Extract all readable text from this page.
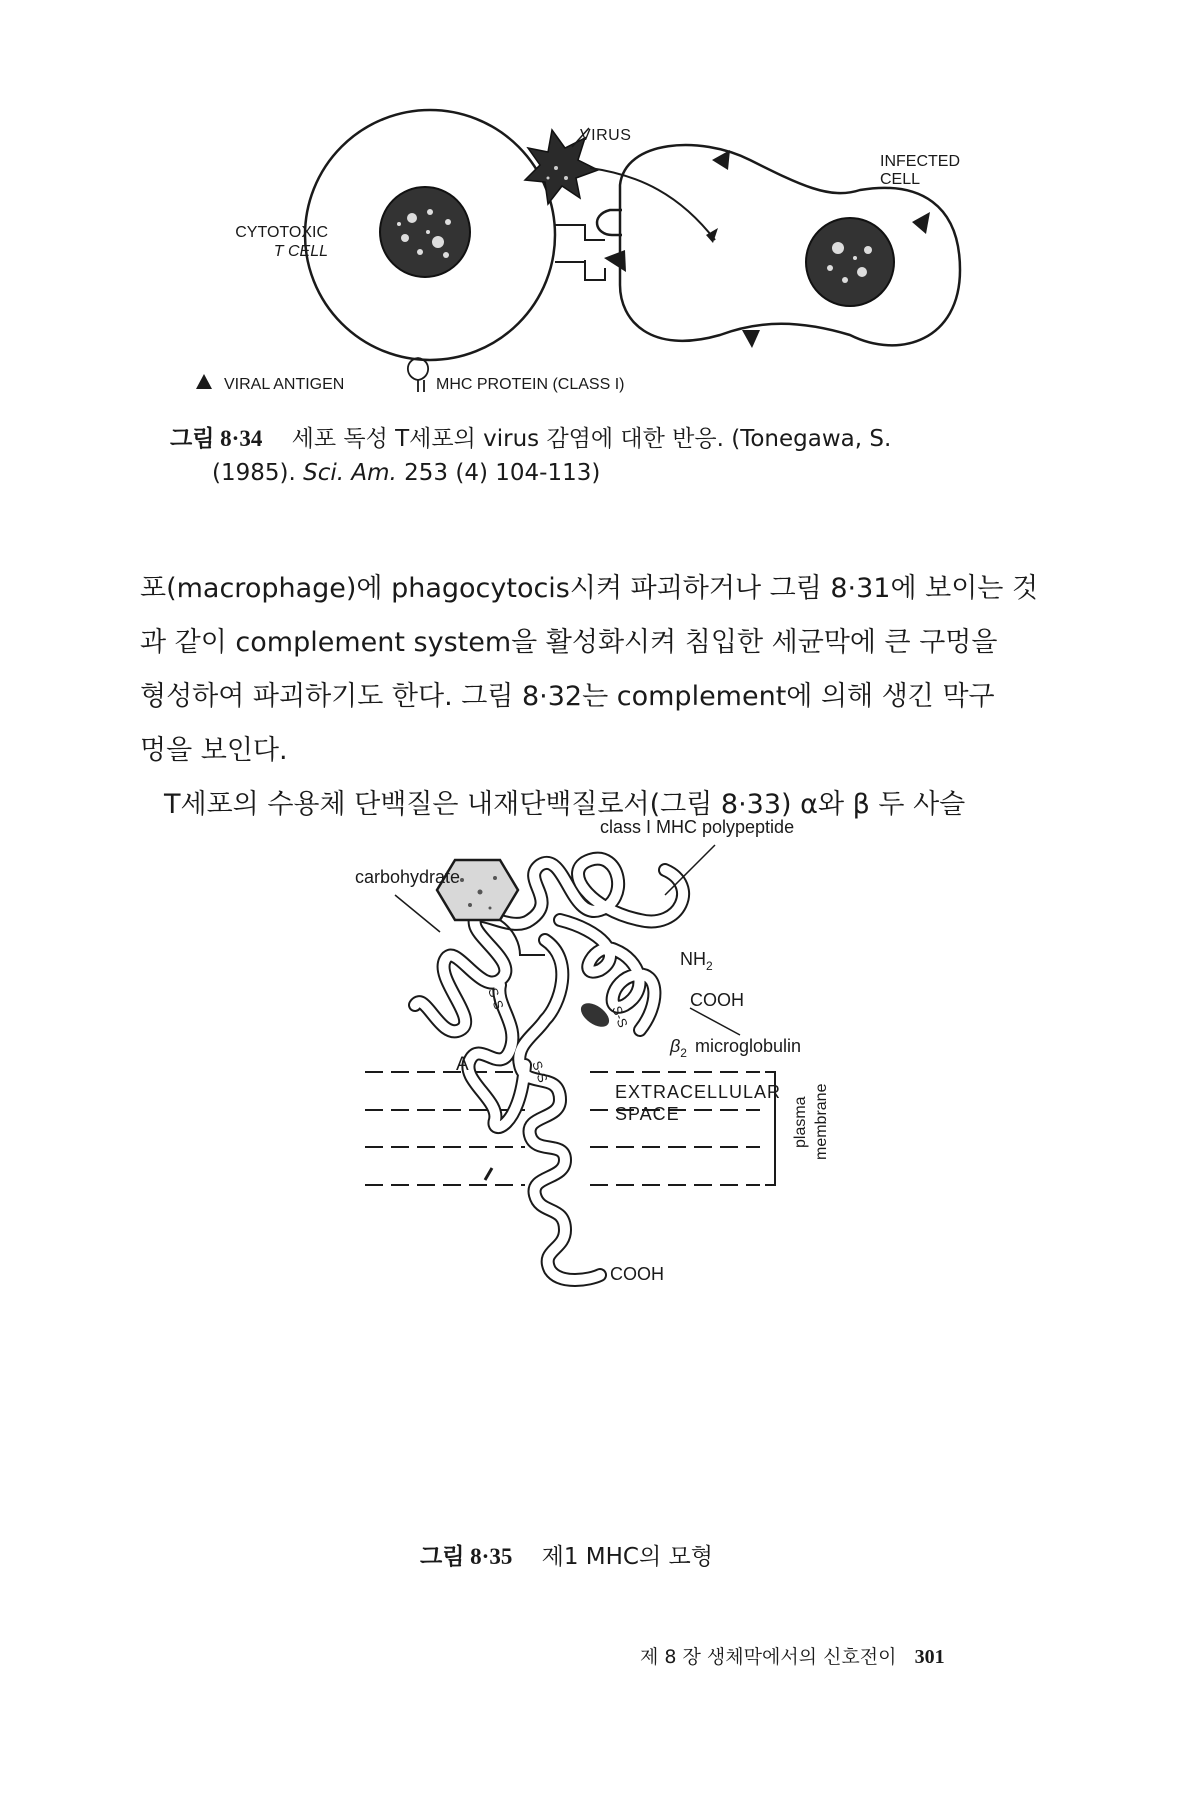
VIRUS
INFECTED
CELL
CYTOTOXIC
T CELL
VIRAL ANTIGEN	MHC PROTEIN (CLASS I)
그림 8·34 세포 독성 T세포의 virus 감염에 대한 반응. (Tonegawa, S.
(1985). Sci. Am. 253 (4) 104-113)

포(macrophage)에 phagocytocis시켜 파괴하거나 그림 8·31에 보이는 것

과 같이 complement system을 활성화시켜 침입한 세균막에 큰 구멍을

형성하여 파괴하기도 한다. 그림 8·32는 complement에 의해 생긴 막구

멍을 보인다.

T세포의 수용체 단백질은 내재단백질로서(그림 8·33) α와 β 두 사슬

class I MHC polypeptide
carbohydrate
$NH_2$
COOH
S-S
S-S
S-S
$\beta_2$ microglobulin
A
EXTRACELLULAR
SPACE	plasma membrane
COOH
그림 8·35 제1 MHC의 모형
제 8 장 생체막에서의 신호전이 301
